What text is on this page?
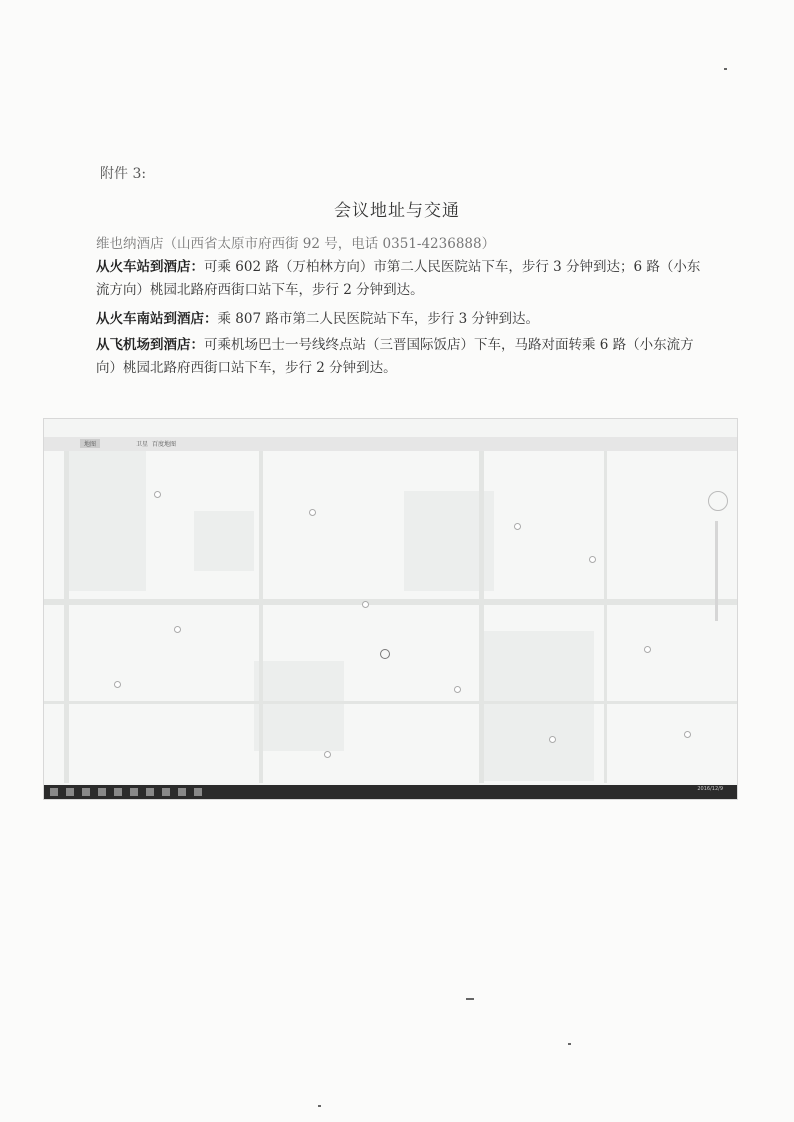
附件 3:
会议地址与交通
维也纳酒店（山西省太原市府西街 92 号，电话 0351-4236888）
从火车站到酒店：可乘 602 路（万柏林方向）市第二人民医院站下车，步行 3 分钟到达；6 路（小东流方向）桃园北路府西街口站下车，步行 2 分钟到达。
从火车南站到酒店：乘 807 路市第二人民医院站下车，步行 3 分钟到达。
从飞机场到酒店：可乘机场巴士一号线终点站（三晋国际饭店）下车，马路对面转乘 6 路（小东流方向）桃园北路府西街口站下车，步行 2 分钟到达。
地图	卫星 百度地图
2016/12/9
